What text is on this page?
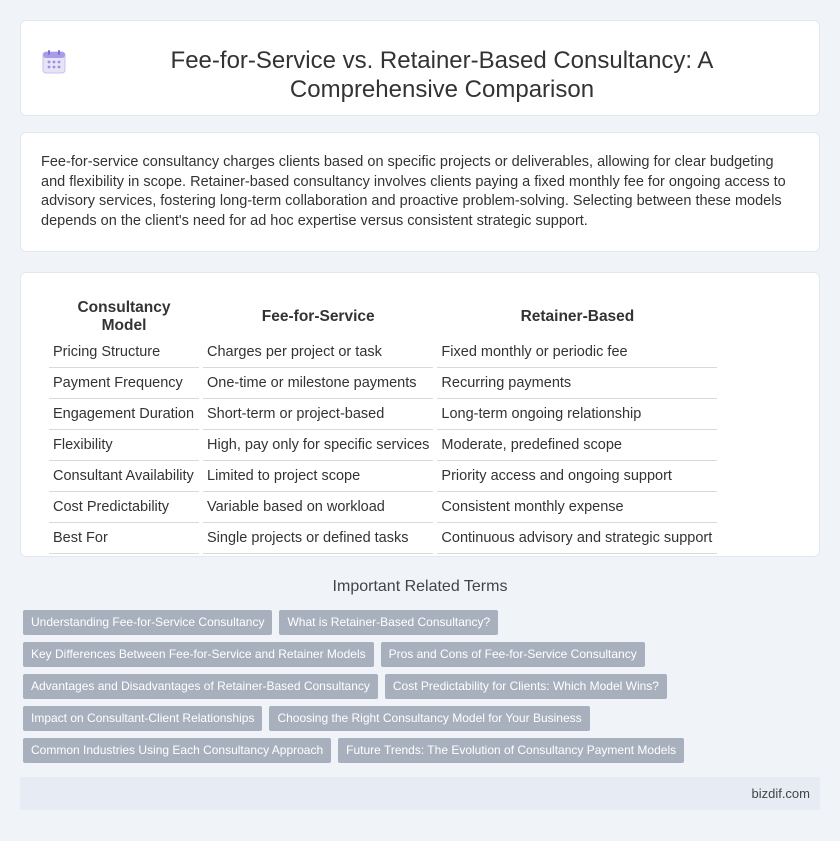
Fee-for-Service vs. Retainer-Based Consultancy: A Comprehensive Comparison

Fee-for-service consultancy charges clients based on specific projects or deliverables, allowing for clear budgeting and flexibility in scope. Retainer-based consultancy involves clients paying a fixed monthly fee for ongoing access to advisory services, fostering long-term collaboration and proactive problem-solving. Selecting between these models depends on the client's need for ad hoc expertise versus consistent strategic support.

Consultancy Model	Fee-for-Service	Retainer-Based
Pricing Structure	Charges per project or task	Fixed monthly or periodic fee
Payment Frequency	One-time or milestone payments	Recurring payments
Engagement Duration	Short-term or project-based	Long-term ongoing relationship
Flexibility	High, pay only for specific services	Moderate, predefined scope
Consultant Availability	Limited to project scope	Priority access and ongoing support
Cost Predictability	Variable based on workload	Consistent monthly expense
Best For	Single projects or defined tasks	Continuous advisory and strategic support
Important Related Terms
Understanding Fee-for-Service Consultancy	What is Retainer-Based Consultancy?
Key Differences Between Fee-for-Service and Retainer Models	Pros and Cons of Fee-for-Service Consultancy
Advantages and Disadvantages of Retainer-Based Consultancy	Cost Predictability for Clients: Which Model Wins?
Impact on Consultant-Client Relationships	Choosing the Right Consultancy Model for Your Business
Common Industries Using Each Consultancy Approach	Future Trends: The Evolution of Consultancy Payment Models
bizdif.com
